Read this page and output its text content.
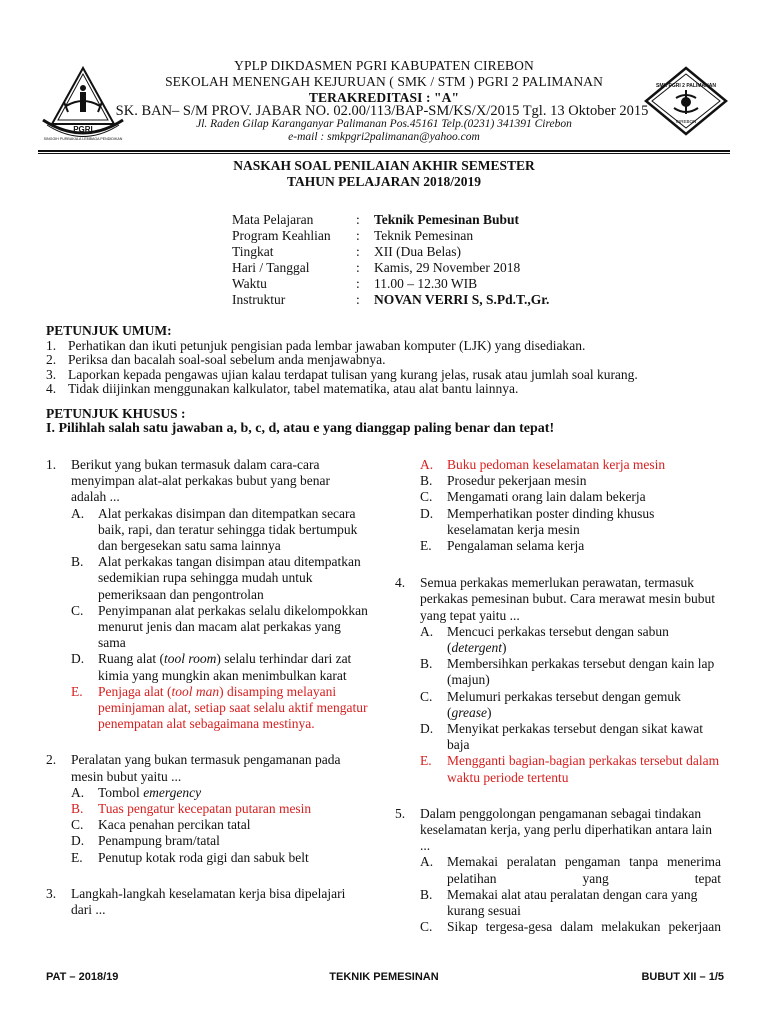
PGRI
SINGGIH PURBAKALA LEMBAGA PENDIDIKAN
SMK PGRI 2 PALIMANAN
CIREBON
YPLP DIKDASMEN PGRI KABUPATEN CIREBON
SEKOLAH MENENGAH KEJURUAN ( SMK / STM ) PGRI 2 PALIMANAN
TERAKREDITASI : "A"
SK. BAN– S/M PROV. JABAR NO. 02.00/113/BAP-SM/KS/X/2015 Tgl. 13 Oktober 2015
Jl. Raden Gilap Karanganyar Palimanan Pos.45161 Telp.(0231) 341391 Cirebon
e-mail : smkpgri2palimanan@yahoo.com
NASKAH SOAL PENILAIAN AKHIR SEMESTER
TAHUN PELAJARAN 2018/2019
Mata Pelajaran	: Teknik Pemesinan Bubut
Program Keahlian : Teknik Pemesinan
Tingkat	: XII (Dua Belas)
Hari / Tanggal	: Kamis, 29 November 2018
Waktu	: 11.00 – 12.30 WIB
Instruktur	: NOVAN VERRI S, S.Pd.T.,Gr.
PETUNJUK UMUM:
1. Perhatikan dan ikuti petunjuk pengisian pada lembar jawaban komputer (LJK) yang disediakan.
2. Periksa dan bacalah soal-soal sebelum anda menjawabnya.
3. Laporkan kepada pengawas ujian kalau terdapat tulisan yang kurang jelas, rusak atau jumlah soal kurang.
4. Tidak diijinkan menggunakan kalkulator, tabel matematika, atau alat bantu lainnya.
PETUNJUK KHUSUS :
I. Pilihlah salah satu jawaban a, b, c, d, atau e yang dianggap paling benar dan tepat!
1. Berikut yang bukan termasuk dalam cara-cara menyimpan alat-alat perkakas bubut yang benar adalah ...
A. Alat perkakas disimpan dan ditempatkan secara baik, rapi, dan teratur sehingga tidak bertumpuk dan bergesekan satu sama lainnya
B. Alat perkakas tangan disimpan atau ditempatkan sedemikian rupa sehingga mudah untuk pemeriksaan dan pengontrolan
C. Penyimpanan alat perkakas selalu dikelompokkan menurut jenis dan macam alat perkakas yang sama
D. Ruang alat (tool room) selalu terhindar dari zat kimia yang mungkin akan menimbulkan karat
E. Penjaga alat (tool man) disamping melayani peminjaman alat, setiap saat selalu aktif mengatur penempatan alat sebagaimana mestinya.
2. Peralatan yang bukan termasuk pengamanan pada mesin bubut yaitu ...
A. Tombol emergency
B. Tuas pengatur kecepatan putaran mesin
C. Kaca penahan percikan tatal
D. Penampung bram/tatal
E. Penutup kotak roda gigi dan sabuk belt
3. Langkah-langkah keselamatan kerja bisa dipelajari dari ...
A. Buku pedoman keselamatan kerja mesin
B. Prosedur pekerjaan mesin
C. Mengamati orang lain dalam bekerja
D. Memperhatikan poster dinding khusus keselamatan kerja mesin
E. Pengalaman selama kerja
4. Semua perkakas memerlukan perawatan, termasuk perkakas pemesinan bubut. Cara merawat mesin bubut yang tepat yaitu ...
A. Mencuci perkakas tersebut dengan sabun (detergent)
B. Membersihkan perkakas tersebut dengan kain lap (majun)
C. Melumuri perkakas tersebut dengan gemuk (grease)
D. Menyikat perkakas tersebut dengan sikat kawat baja
E. Mengganti bagian-bagian perkakas tersebut dalam waktu periode tertentu
5. Dalam penggolongan pengamanan sebagai tindakan keselamatan kerja, yang perlu diperhatikan antara lain ...
A. Memakai peralatan pengaman tanpa menerima pelatihan yang tepat
B. Memakai alat atau peralatan dengan cara yang kurang sesuai
C. Sikap tergesa-gesa dalam melakukan pekerjaan
PAT – 2018/19	TEKNIK PEMESINAN	BUBUT XII – 1/5
